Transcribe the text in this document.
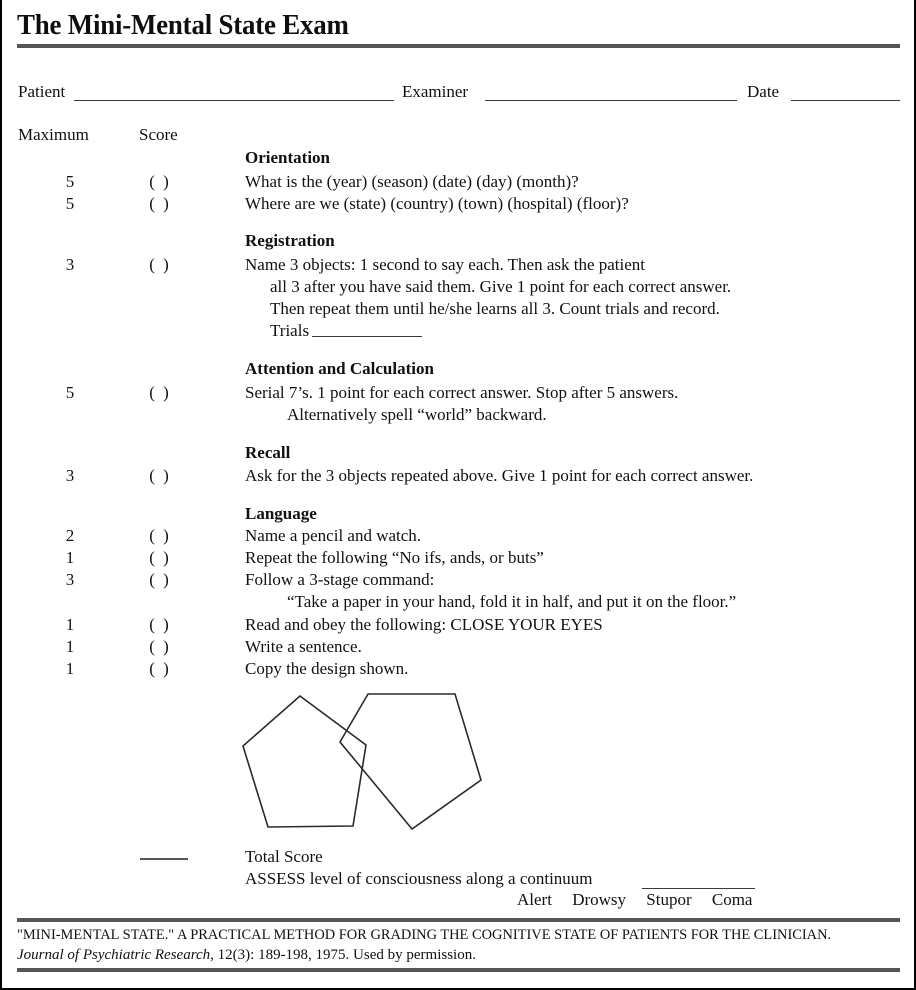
The Mini-Mental State Exam
Patient	Examiner	Date
Maximum	Score
Orientation
5	( )	What is the (year) (season) (date) (day) (month)?
5	( )	Where are we (state) (country) (town) (hospital) (floor)?
Registration
3	( )	Name 3 objects: 1 second to say each. Then ask the patient
all 3 after you have said them. Give 1 point for each correct answer.
Then repeat them until he/she learns all 3. Count trials and record.
Trials
Attention and Calculation
5	( )	Serial 7’s. 1 point for each correct answer. Stop after 5 answers.
Alternatively spell “world” backward.
Recall
3	( )	Ask for the 3 objects repeated above. Give 1 point for each correct answer.
Language
2	( )	Name a pencil and watch.
1	( )	Repeat the following “No ifs, ands, or buts”
3	( )	Follow a 3-stage command:
“Take a paper in your hand, fold it in half, and put it on the floor.”
1	( )	Read and obey the following: CLOSE YOUR EYES
1	( )	Write a sentence.
1	( )	Copy the design shown.
Total Score
ASSESS level of consciousness along a continuum
Alert Drowsy Stupor Coma
"MINI-MENTAL STATE." A PRACTICAL METHOD FOR GRADING THE COGNITIVE STATE OF PATIENTS FOR THE CLINICIAN.
Journal of Psychiatric Research, 12(3): 189-198, 1975. Used by permission.
